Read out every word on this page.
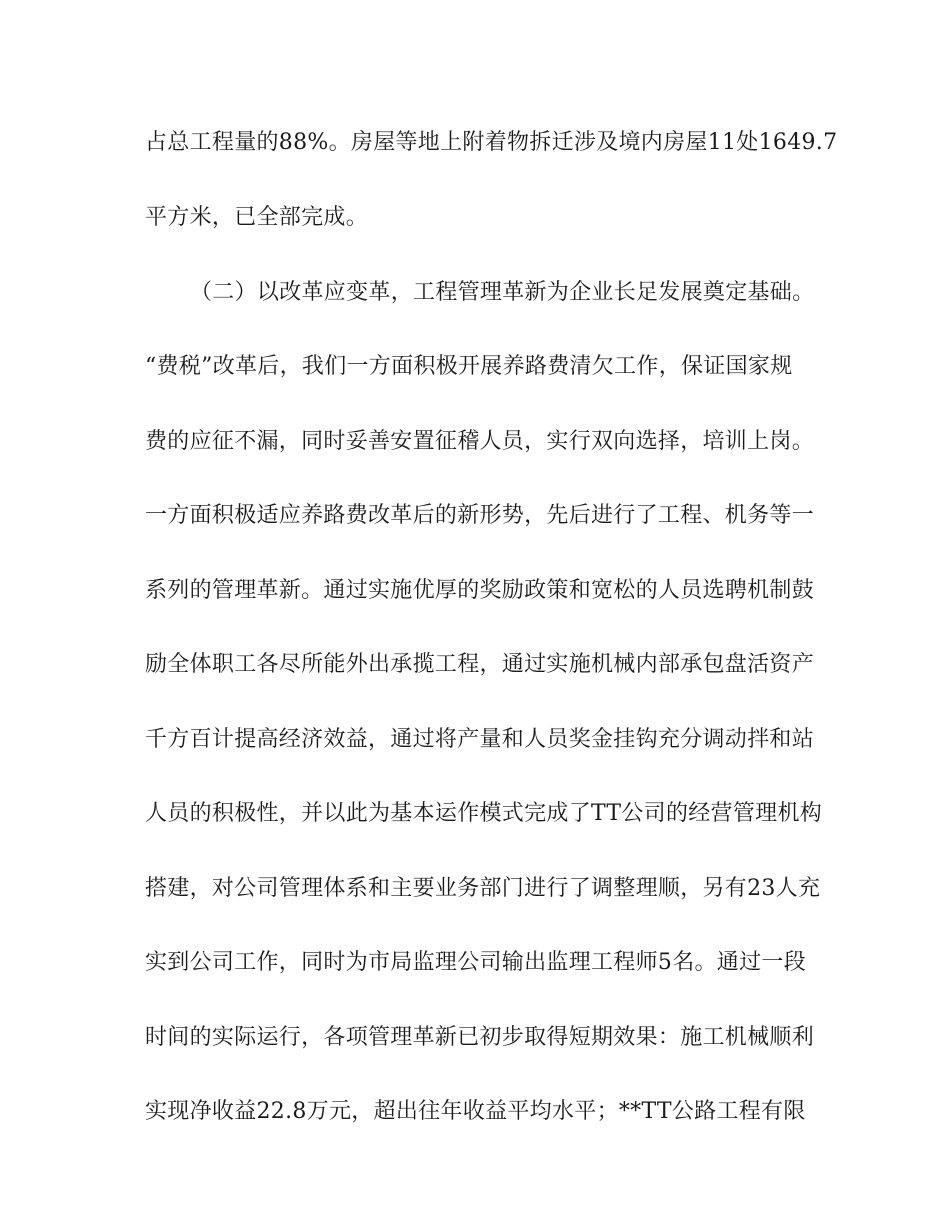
占总工程量的88%。房屋等地上附着物拆迁涉及境内房屋11处1649.7
平方米，已全部完成。
（二）以改革应变革，工程管理革新为企业长足发展奠定基础。
“费税”改革后，我们一方面积极开展养路费清欠工作，保证国家规
费的应征不漏，同时妥善安置征稽人员，实行双向选择，培训上岗。
一方面积极适应养路费改革后的新形势，先后进行了工程、机务等一
系列的管理革新。通过实施优厚的奖励政策和宽松的人员选聘机制鼓
励全体职工各尽所能外出承揽工程，通过实施机械内部承包盘活资产
千方百计提高经济效益，通过将产量和人员奖金挂钩充分调动拌和站
人员的积极性，并以此为基本运作模式完成了TT公司的经营管理机构
搭建，对公司管理体系和主要业务部门进行了调整理顺，另有23人充
实到公司工作，同时为市局监理公司输出监理工程师5名。通过一段
时间的实际运行，各项管理革新已初步取得短期效果：施工机械顺利
实现净收益22.8万元，超出往年收益平均水平；**TT公路工程有限
